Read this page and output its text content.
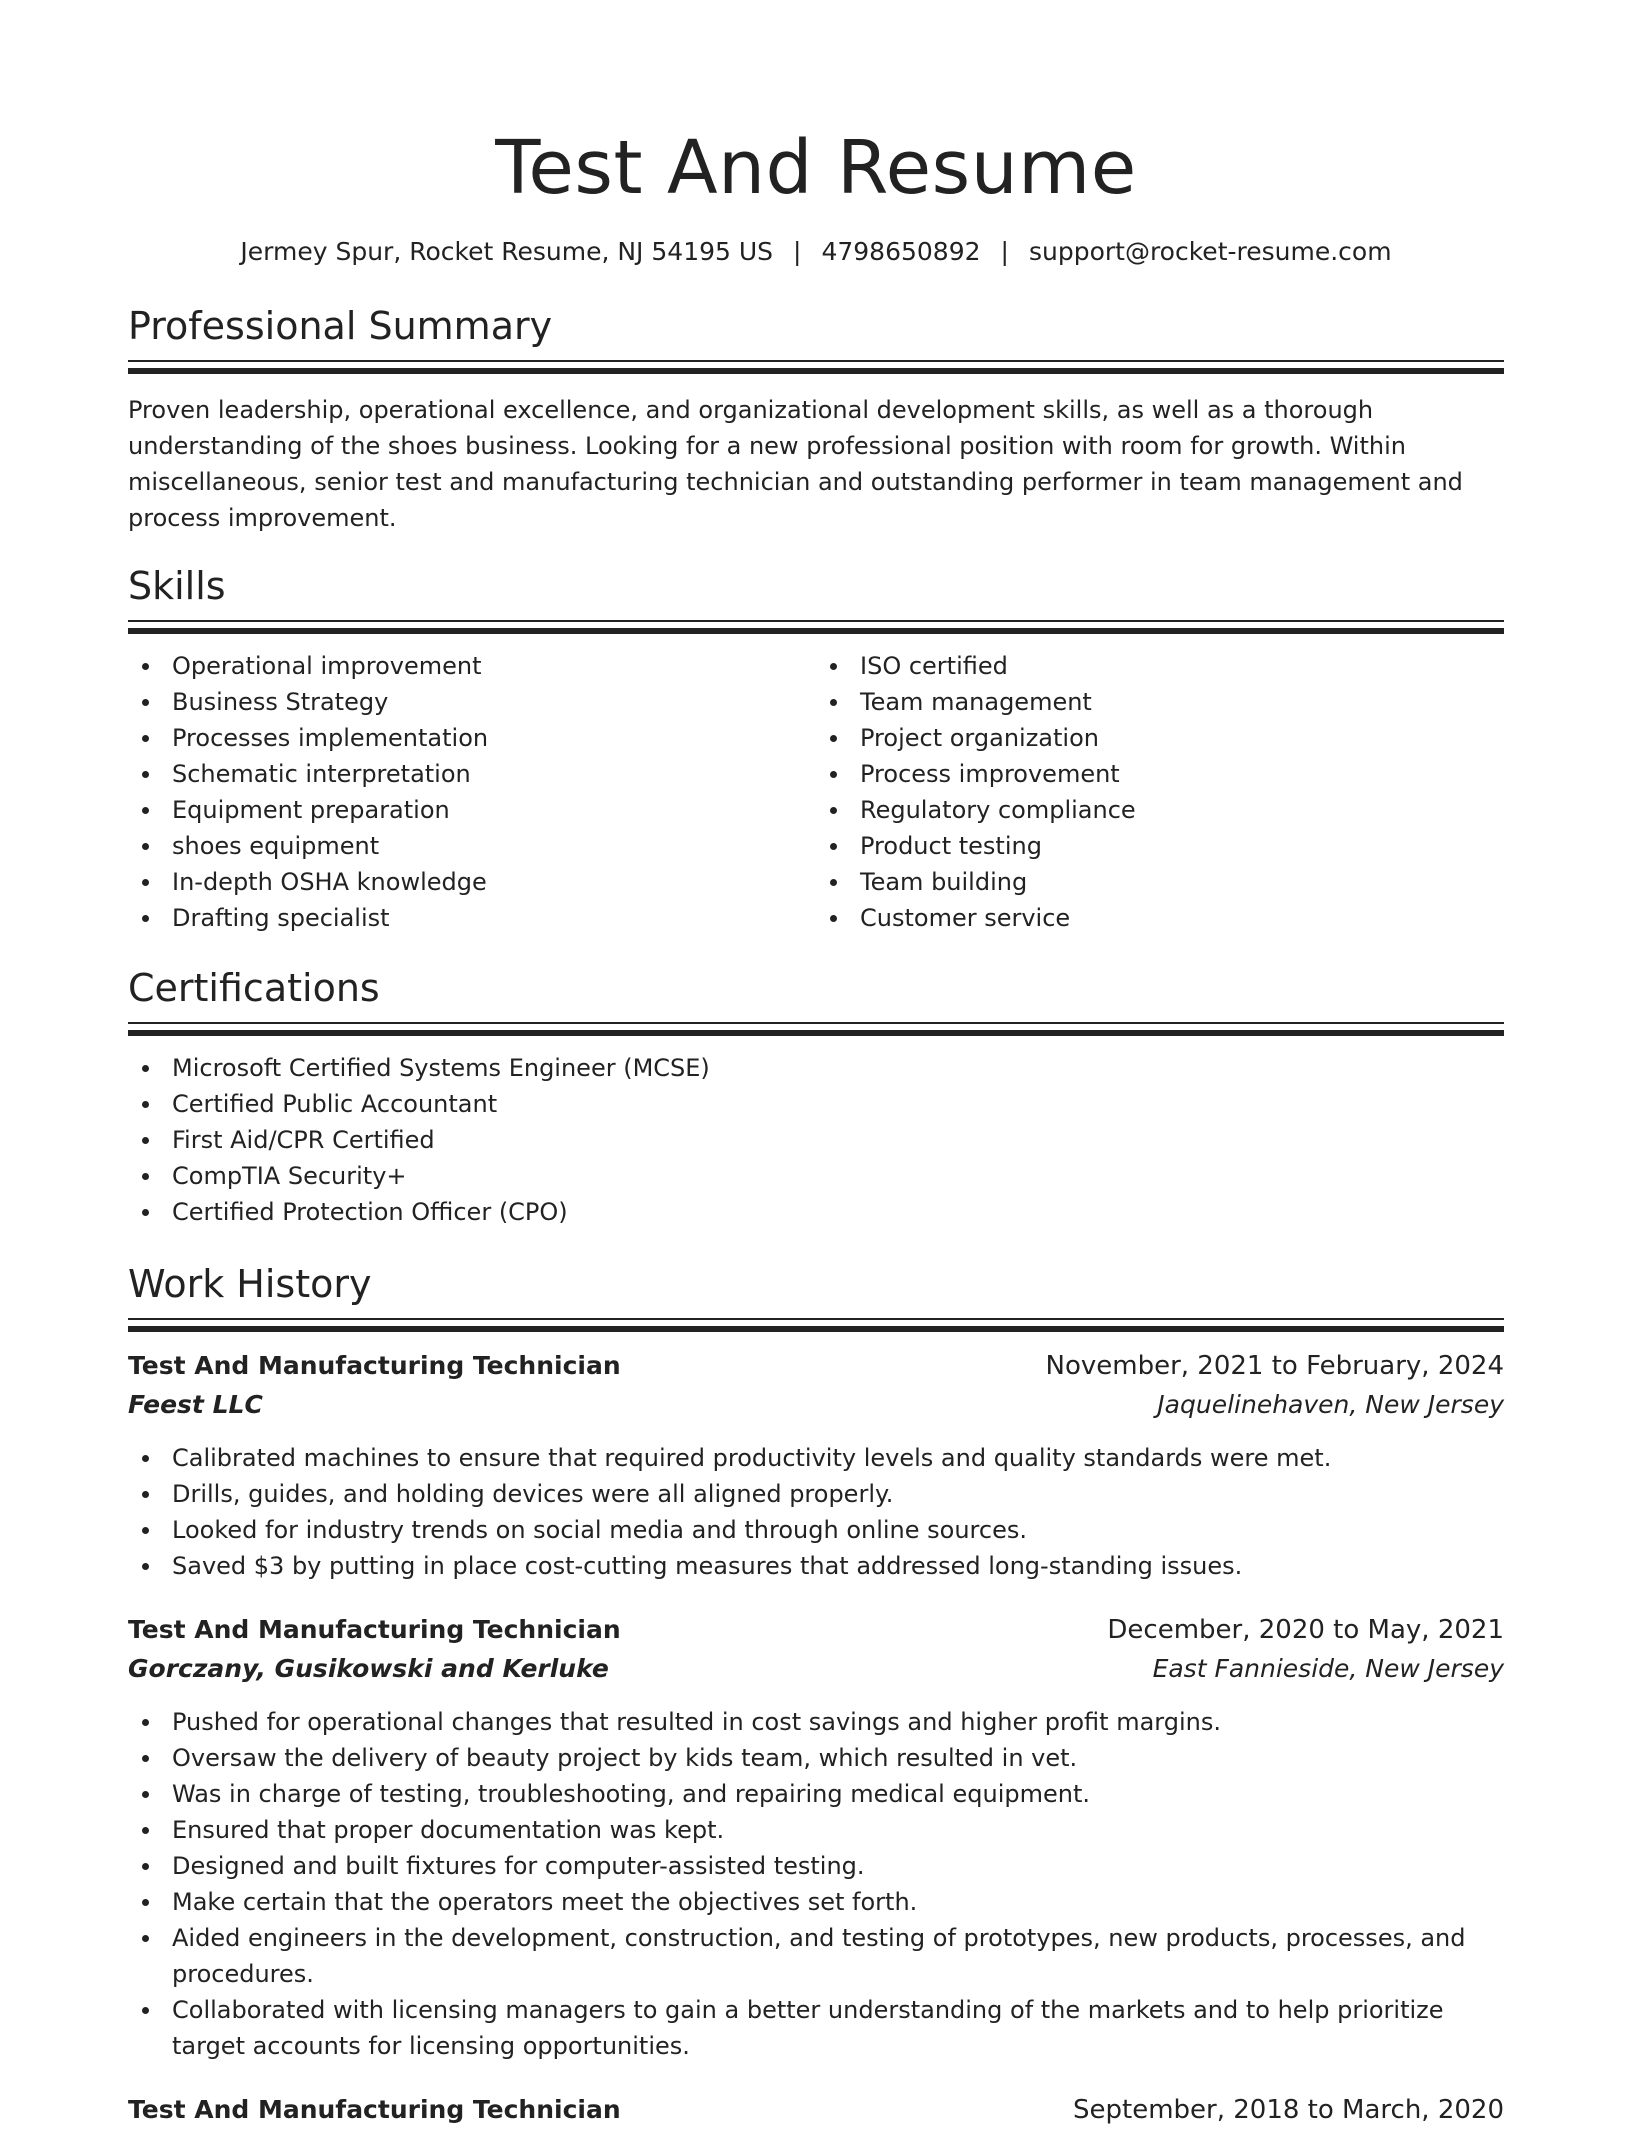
Test And Resume
Jermey Spur, Rocket Resume, NJ 54195 US | 4798650892 | support@rocket-resume.com
Professional Summary

Proven leadership, operational excellence, and organizational development skills, as well as a thorough understanding of the shoes business. Looking for a new professional position with room for growth. Within miscellaneous, senior test and manufacturing technician and outstanding performer in team management and process improvement.

Skills
Operational improvement
Business Strategy
Processes implementation
Schematic interpretation
Equipment preparation
shoes equipment
In-depth OSHA knowledge
Drafting specialist
ISO certified
Team management
Project organization
Process improvement
Regulatory compliance
Product testing
Team building
Customer service
Certifications
Microsoft Certified Systems Engineer (MCSE)
Certified Public Accountant
First Aid/CPR Certified
CompTIA Security+
Certified Protection Officer (CPO)
Work History
Test And Manufacturing Technician	November, 2021 to February, 2024
Feest LLC	Jaquelinehaven, New Jersey
Calibrated machines to ensure that required productivity levels and quality standards were met.
Drills, guides, and holding devices were all aligned properly.
Looked for industry trends on social media and through online sources.
Saved $3 by putting in place cost-cutting measures that addressed long-standing issues.
Test And Manufacturing Technician	December, 2020 to May, 2021
Gorczany, Gusikowski and Kerluke	East Fannieside, New Jersey
Pushed for operational changes that resulted in cost savings and higher profit margins.
Oversaw the delivery of beauty project by kids team, which resulted in vet.
Was in charge of testing, troubleshooting, and repairing medical equipment.
Ensured that proper documentation was kept.
Designed and built fixtures for computer-assisted testing.
Make certain that the operators meet the objectives set forth.
Aided engineers in the development, construction, and testing of prototypes, new products, processes, and procedures.
Collaborated with licensing managers to gain a better understanding of the markets and to help prioritize target accounts for licensing opportunities.
Test And Manufacturing Technician	September, 2018 to March, 2020
